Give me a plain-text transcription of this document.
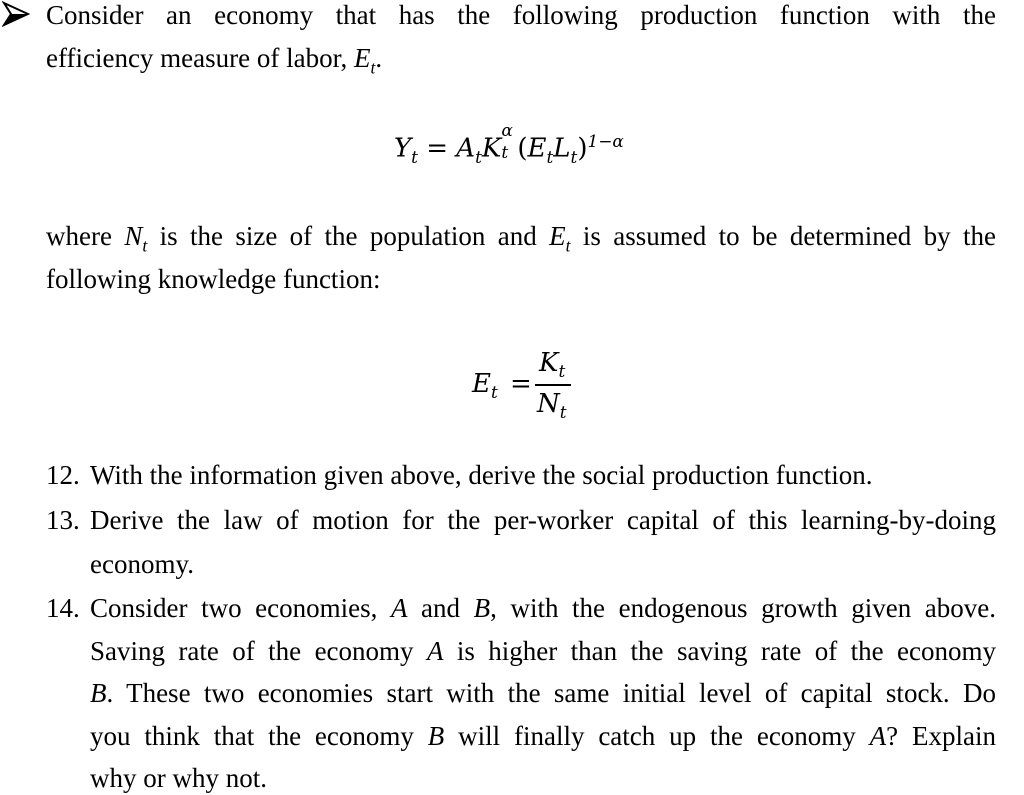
Consider an economy that has the following production function with the
efficiency measure of labor, $E_t$.
$Y_t = A_tK$
α
t $(E_tL_t)^{1-\alpha}$
where $N_t$ is the size of the population and $E_t$ is assumed to be determined by the
following knowledge function:
$E_t$ =
$K_t$
$N_t$
12. With the information given above, derive the social production function.
13. Derive the law of motion for the per-worker capital of this learning-by-doing
economy.
14. Consider two economies, A and B, with the endogenous growth given above.
Saving rate of the economy A is higher than the saving rate of the economy
B. These two economies start with the same initial level of capital stock. Do
you think that the economy B will finally catch up the economy A? Explain
why or why not.
